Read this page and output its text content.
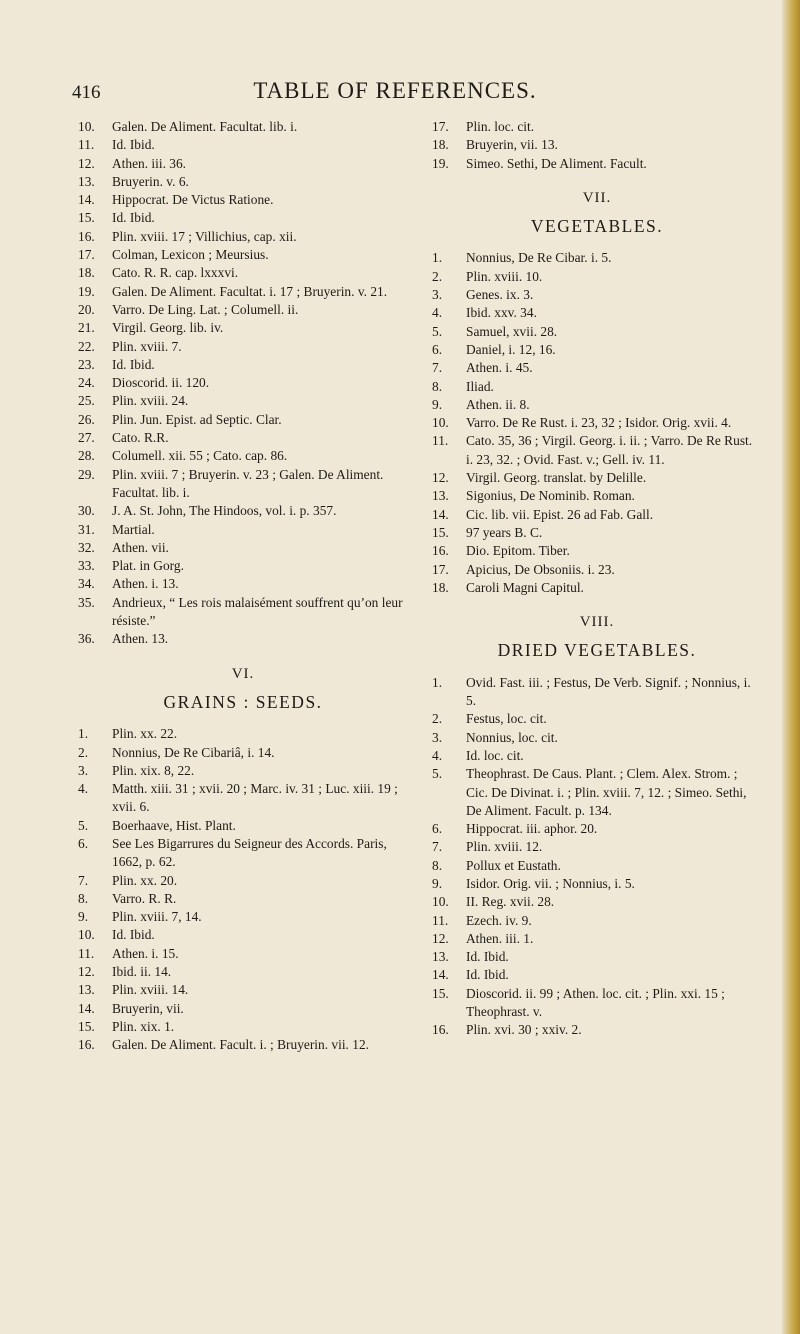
416	TABLE OF REFERENCES.
10.	Galen. De Aliment. Facultat. lib. i.
11.	Id. Ibid.
12.	Athen. iii. 36.
13.	Bruyerin. v. 6.
14.	Hippocrat. De Victus Ratione.
15.	Id. Ibid.
16.	Plin. xviii. 17 ; Villichius, cap. xii.
17.	Colman, Lexicon ; Meursius.
18.	Cato. R. R. cap. lxxxvi.
19.	Galen. De Aliment. Facultat. i. 17 ; Bruyerin. v. 21.
20.	Varro. De Ling. Lat. ; Columell. ii.
21.	Virgil. Georg. lib. iv.
22.	Plin. xviii. 7.
23.	Id. Ibid.
24.	Dioscorid. ii. 120.
25.	Plin. xviii. 24.
26.	Plin. Jun. Epist. ad Septic. Clar.
27.	Cato. R.R.
28.	Columell. xii. 55 ; Cato. cap. 86.
29.	Plin. xviii. 7 ; Bruyerin. v. 23 ; Galen. De Aliment. Facultat. lib. i.
30.	J. A. St. John, The Hindoos, vol. i. p. 357.
31.	Martial.
32.	Athen. vii.
33.	Plat. in Gorg.
34.	Athen. i. 13.
35.	Andrieux, “ Les rois malaisément souffrent qu’on leur résiste.”
36.	Athen. 13.
VI.
GRAINS : SEEDS.
1.	Plin. xx. 22.
2.	Nonnius, De Re Cibariâ, i. 14.
3.	Plin. xix. 8, 22.
4.	Matth. xiii. 31 ; xvii. 20 ; Marc. iv. 31 ; Luc. xiii. 19 ; xvii. 6.
5.	Boerhaave, Hist. Plant.
6.	See Les Bigarrures du Seigneur des Accords. Paris, 1662, p. 62.
7.	Plin. xx. 20.
8.	Varro. R. R.
9.	Plin. xviii. 7, 14.
10.	Id. Ibid.
11.	Athen. i. 15.
12.	Ibid. ii. 14.
13.	Plin. xviii. 14.
14.	Bruyerin, vii.
15.	Plin. xix. 1.
16.	Galen. De Aliment. Facult. i. ; Bruyerin. vii. 12.
17.	Plin. loc. cit.
18.	Bruyerin, vii. 13.
19.	Simeo. Sethi, De Aliment. Facult.
VII.
VEGETABLES.
1.	Nonnius, De Re Cibar. i. 5.
2.	Plin. xviii. 10.
3.	Genes. ix. 3.
4.	Ibid. xxv. 34.
5.	Samuel, xvii. 28.
6.	Daniel, i. 12, 16.
7.	Athen. i. 45.
8.	Iliad.
9.	Athen. ii. 8.
10.	Varro. De Re Rust. i. 23, 32 ; Isidor. Orig. xvii. 4.
11.	Cato. 35, 36 ; Virgil. Georg. i. ii. ; Varro. De Re Rust. i. 23, 32. ; Ovid. Fast. v.; Gell. iv. 11.
12.	Virgil. Georg. translat. by Delille.
13.	Sigonius, De Nominib. Roman.
14.	Cic. lib. vii. Epist. 26 ad Fab. Gall.
15.	97 years B. C.
16.	Dio. Epitom. Tiber.
17.	Apicius, De Obsoniis. i. 23.
18.	Caroli Magni Capitul.
VIII.
DRIED VEGETABLES.
1.	Ovid. Fast. iii. ; Festus, De Verb. Signif. ; Nonnius, i. 5.
2.	Festus, loc. cit.
3.	Nonnius, loc. cit.
4.	Id. loc. cit.
5.	Theophrast. De Caus. Plant. ; Clem. Alex. Strom. ; Cic. De Divinat. i. ; Plin. xviii. 7, 12. ; Simeo. Sethi, De Aliment. Facult. p. 134.
6.	Hippocrat. iii. aphor. 20.
7.	Plin. xviii. 12.
8.	Pollux et Eustath.
9.	Isidor. Orig. vii. ; Nonnius, i. 5.
10.	II. Reg. xvii. 28.
11.	Ezech. iv. 9.
12.	Athen. iii. 1.
13.	Id. Ibid.
14.	Id. Ibid.
15.	Dioscorid. ii. 99 ; Athen. loc. cit. ; Plin. xxi. 15 ; Theophrast. v.
16.	Plin. xvi. 30 ; xxiv. 2.
